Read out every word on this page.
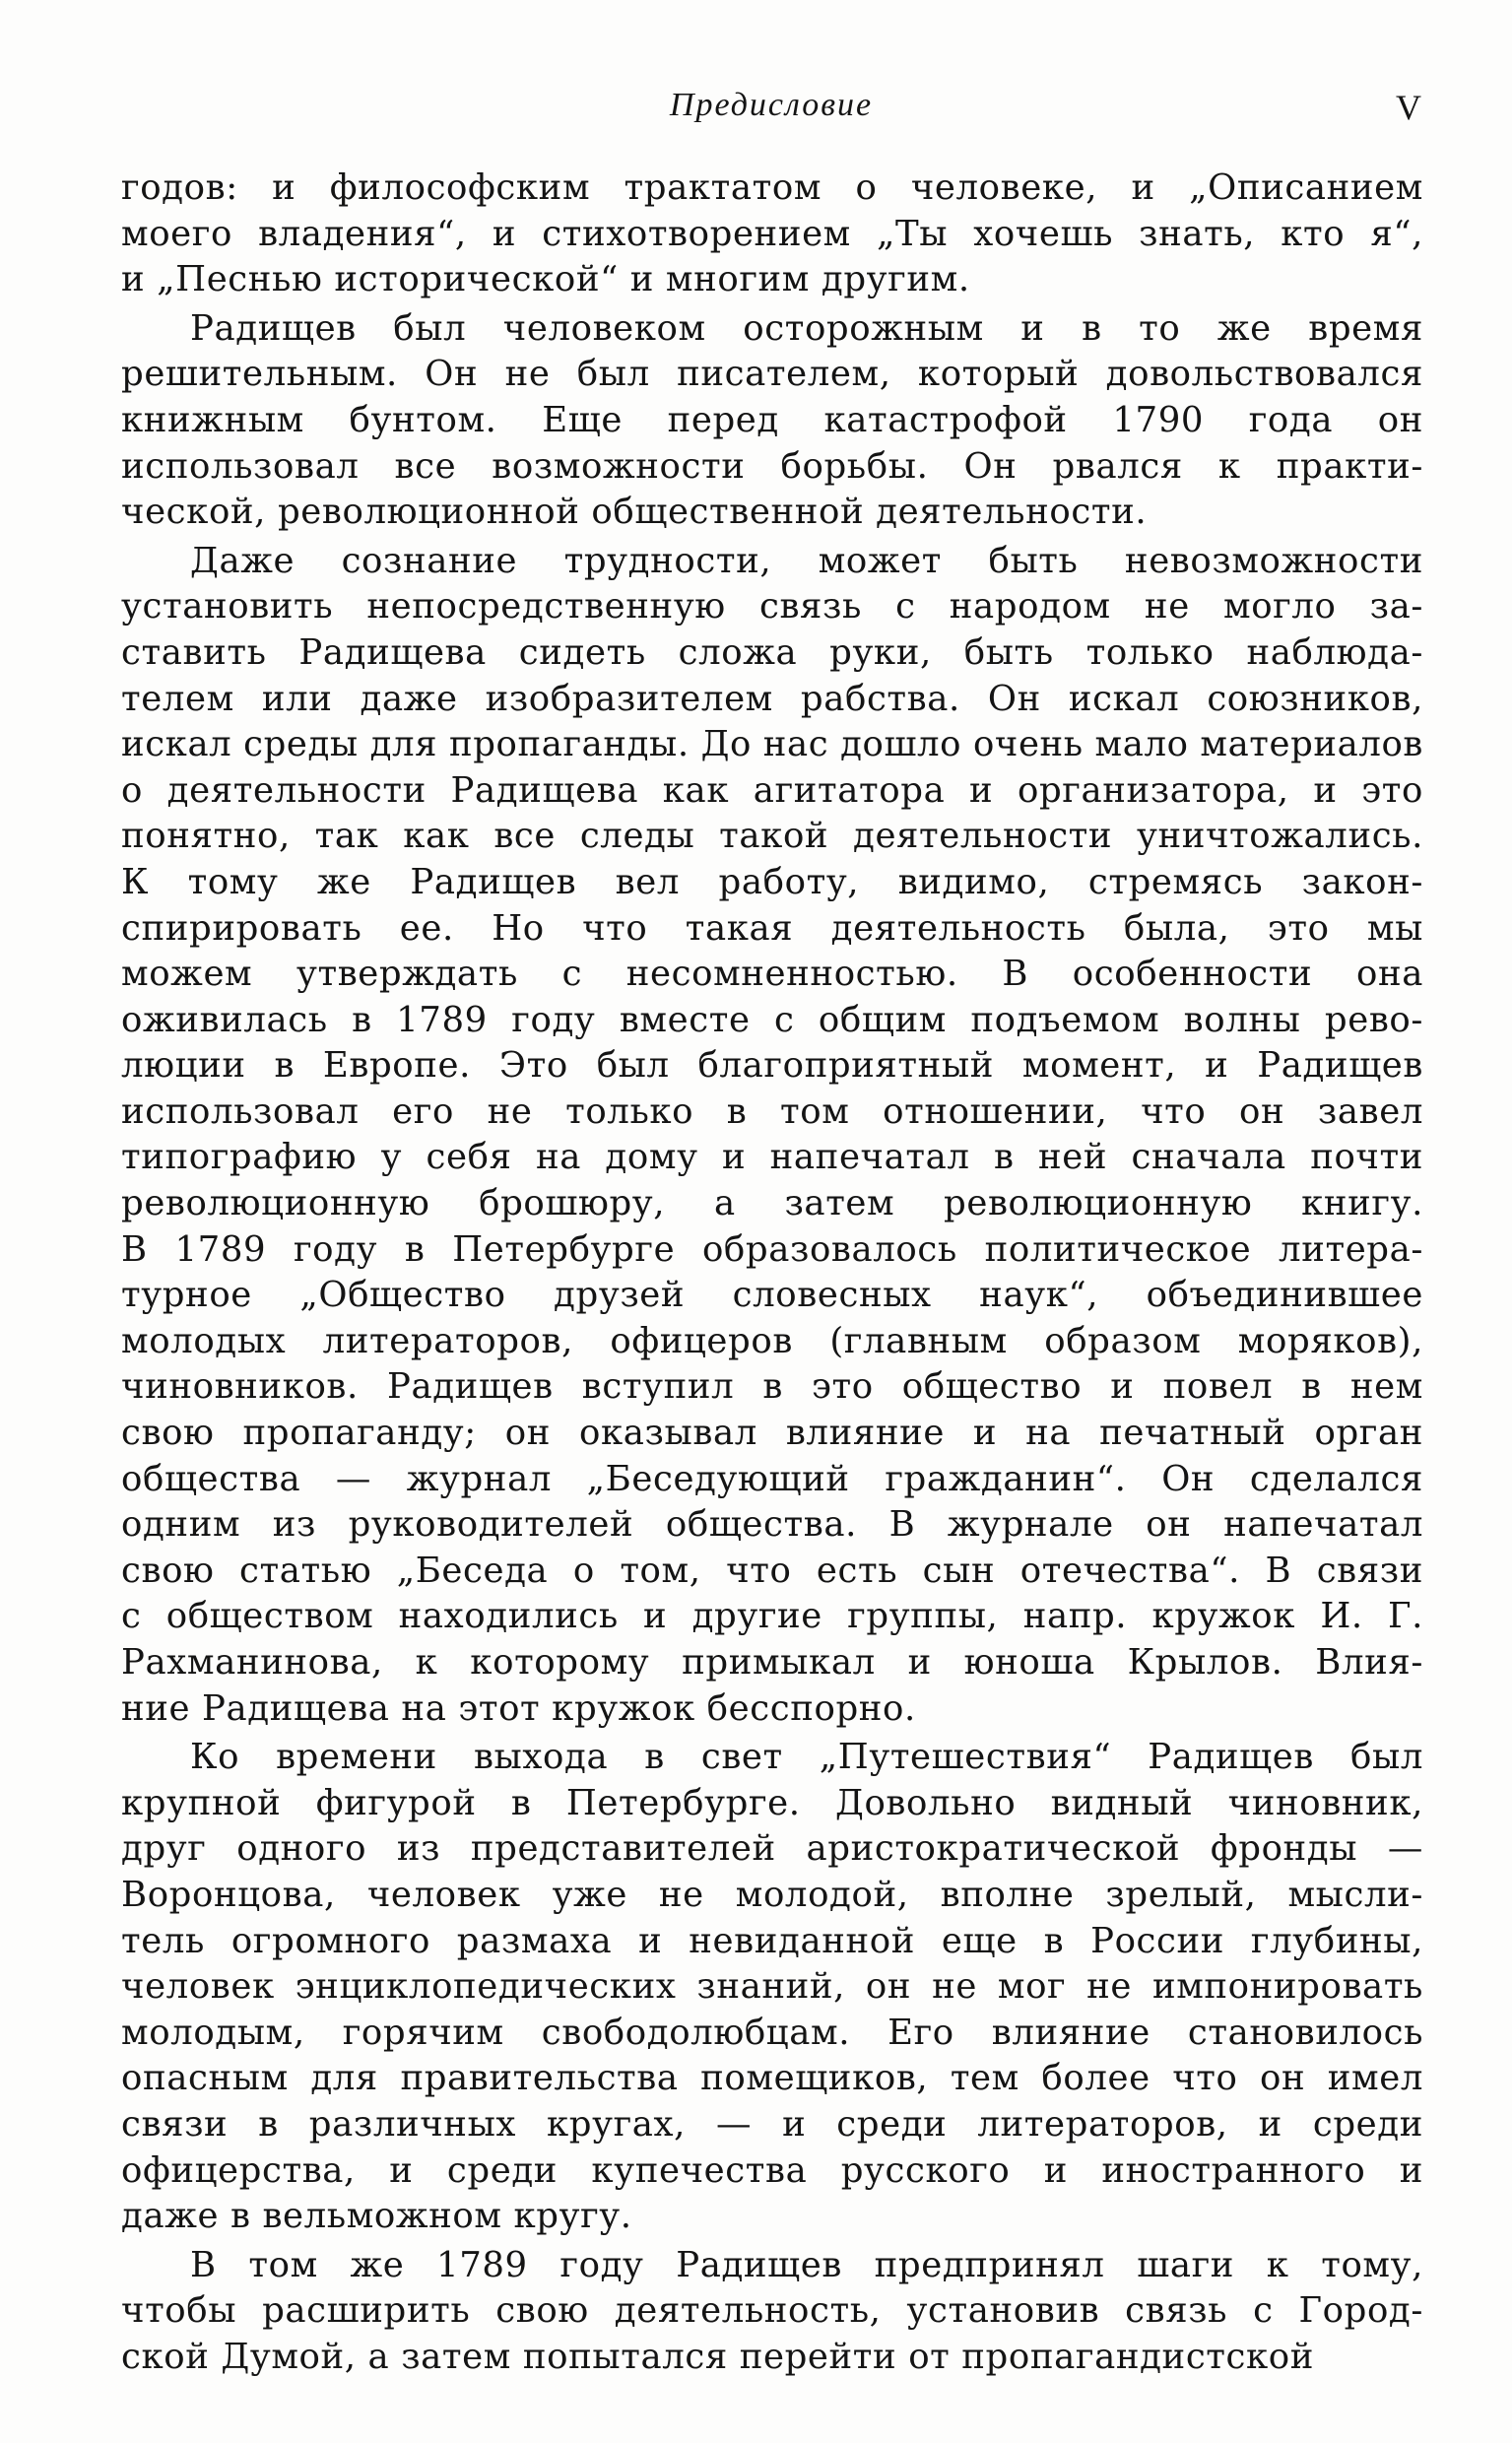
Предисловие	V
годов: и философским трактатом о человеке, и „Описанием
моего владения“, и стихотворением „Ты хочешь знать, кто я“,
и „Песнью исторической“ и многим другим.
Радищев был человеком осторожным и в то же время
решительным. Он не был писателем, который довольствовался
книжным бунтом. Еще перед катастрофой 1790 года он
использовал все возможности борьбы. Он рвался к практи-
ческой, революционной общественной деятельности.
Даже сознание трудности, может быть невозможности
установить непосредственную связь с народом не могло за-
ставить Радищева сидеть сложа руки, быть только наблюда-
телем или даже изобразителем рабства. Он искал союзников,
искал среды для пропаганды. До нас дошло очень мало материалов
о деятельности Радищева как агитатора и организатора, и это
понятно, так как все следы такой деятельности уничтожались.
К тому же Радищев вел работу, видимо, стремясь закон-
спирировать ее. Но что такая деятельность была, это мы
можем утверждать с несомненностью. В особенности она
оживилась в 1789 году вместе с общим подъемом волны рево-
люции в Европе. Это был благоприятный момент, и Радищев
использовал его не только в том отношении, что он завел
типографию у себя на дому и напечатал в ней сначала почти
революционную брошюру, а затем революционную книгу.
В 1789 году в Петербурге образовалось политическое литера-
турное „Общество друзей словесных наук“, объединившее
молодых литераторов, офицеров (главным образом моряков),
чиновников. Радищев вступил в это общество и повел в нем
свою пропаганду; он оказывал влияние и на печатный орган
общества — журнал „Беседующий гражданин“. Он сделался
одним из руководителей общества. В журнале он напечатал
свою статью „Беседа о том, что есть сын отечества“. В связи
с обществом находились и другие группы, напр. кружок И. Г.
Рахманинова, к которому примыкал и юноша Крылов. Влия-
ние Радищева на этот кружок бесспорно.
Ко времени выхода в свет „Путешествия“ Радищев был
крупной фигурой в Петербурге. Довольно видный чиновник,
друг одного из представителей аристократической фронды —
Воронцова, человек уже не молодой, вполне зрелый, мысли-
тель огромного размаха и невиданной еще в России глубины,
человек энциклопедических знаний, он не мог не импонировать
молодым, горячим свободолюбцам. Его влияние становилось
опасным для правительства помещиков, тем более что он имел
связи в различных кругах, — и среди литераторов, и среди
офицерства, и среди купечества русского и иностранного и
даже в вельможном кругу.
В том же 1789 году Радищев предпринял шаги к тому,
чтобы расширить свою деятельность, установив связь с Город-
ской Думой, а затем попытался перейти от пропагандистской
